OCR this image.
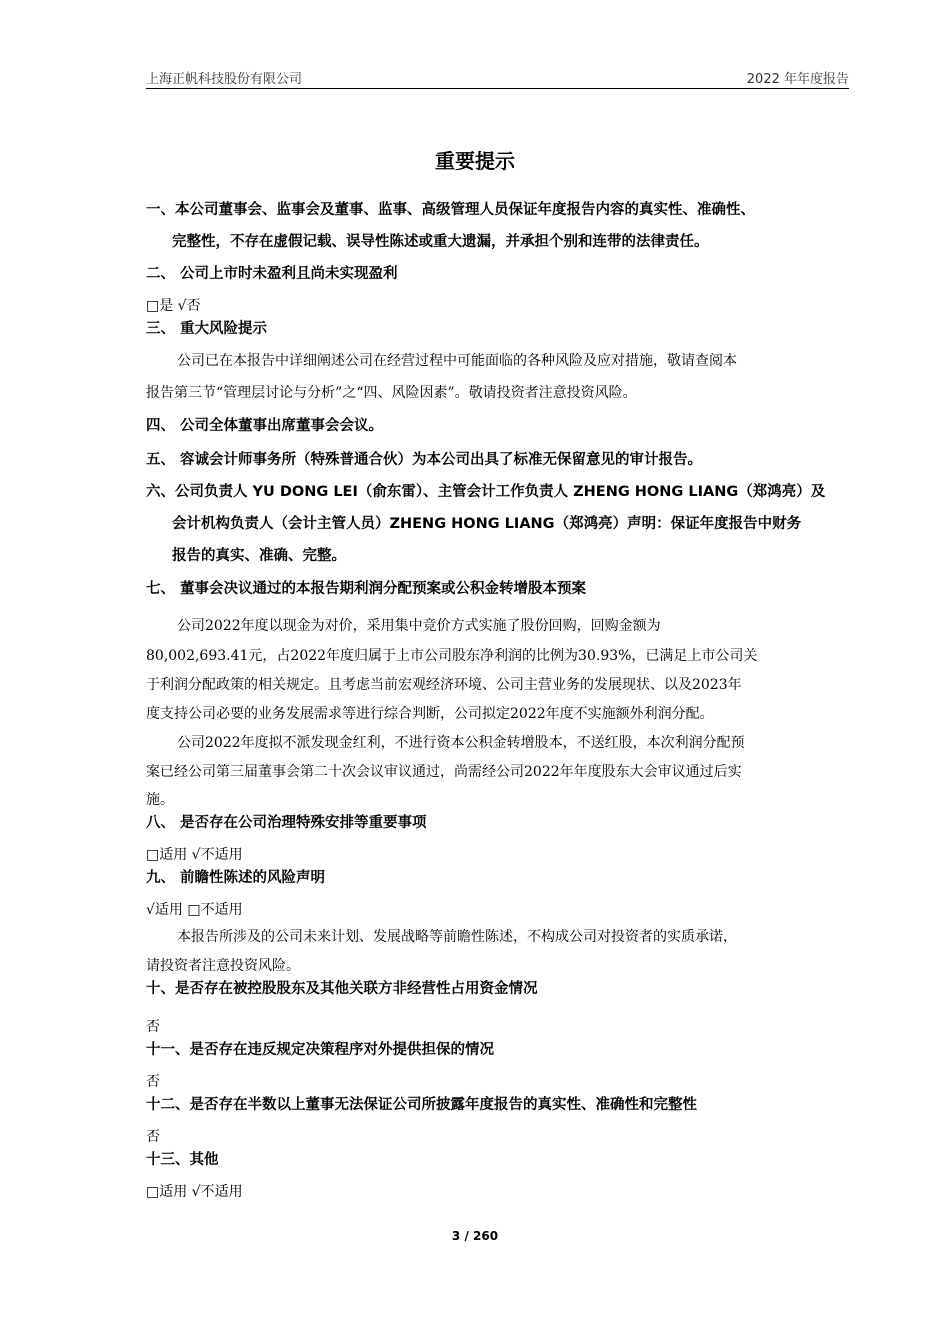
上海正帆科技股份有限公司	2022 年年度报告
重要提示
一、本公司董事会、监事会及董事、监事、高级管理人员保证年度报告内容的真实性、准确性、
完整性，不存在虚假记载、误导性陈述或重大遗漏，并承担个别和连带的法律责任。
二、 公司上市时未盈利且尚未实现盈利
□是 √否
三、 重大风险提示
公司已在本报告中详细阐述公司在经营过程中可能面临的各种风险及应对措施，敬请查阅本
报告第三节“管理层讨论与分析”之“四、风险因素”。敬请投资者注意投资风险。
四、 公司全体董事出席董事会会议。
五、 容诚会计师事务所（特殊普通合伙）为本公司出具了标准无保留意见的审计报告。
六、公司负责人 YU DONG LEI（俞东雷）、主管会计工作负责人 ZHENG HONG LIANG（郑鸿亮）及
会计机构负责人（会计主管人员）ZHENG HONG LIANG（郑鸿亮）声明：保证年度报告中财务
报告的真实、准确、完整。
七、 董事会决议通过的本报告期利润分配预案或公积金转增股本预案
公司2022年度以现金为对价，采用集中竞价方式实施了股份回购，回购金额为
80,002,693.41元，占2022年度归属于上市公司股东净利润的比例为30.93%，已满足上市公司关
于利润分配政策的相关规定。且考虑当前宏观经济环境、公司主营业务的发展现状、以及2023年
度支持公司必要的业务发展需求等进行综合判断，公司拟定2022年度不实施额外利润分配。
公司2022年度拟不派发现金红利，不进行资本公积金转增股本，不送红股，本次利润分配预
案已经公司第三届董事会第二十次会议审议通过，尚需经公司2022年年度股东大会审议通过后实
施。
八、 是否存在公司治理特殊安排等重要事项
□适用 √不适用
九、 前瞻性陈述的风险声明
√适用 □不适用
本报告所涉及的公司未来计划、发展战略等前瞻性陈述，不构成公司对投资者的实质承诺，
请投资者注意投资风险。
十、是否存在被控股股东及其他关联方非经营性占用资金情况
否
十一、是否存在违反规定决策程序对外提供担保的情况
否
十二、是否存在半数以上董事无法保证公司所披露年度报告的真实性、准确性和完整性
否
十三、其他
□适用 √不适用
3 / 260
